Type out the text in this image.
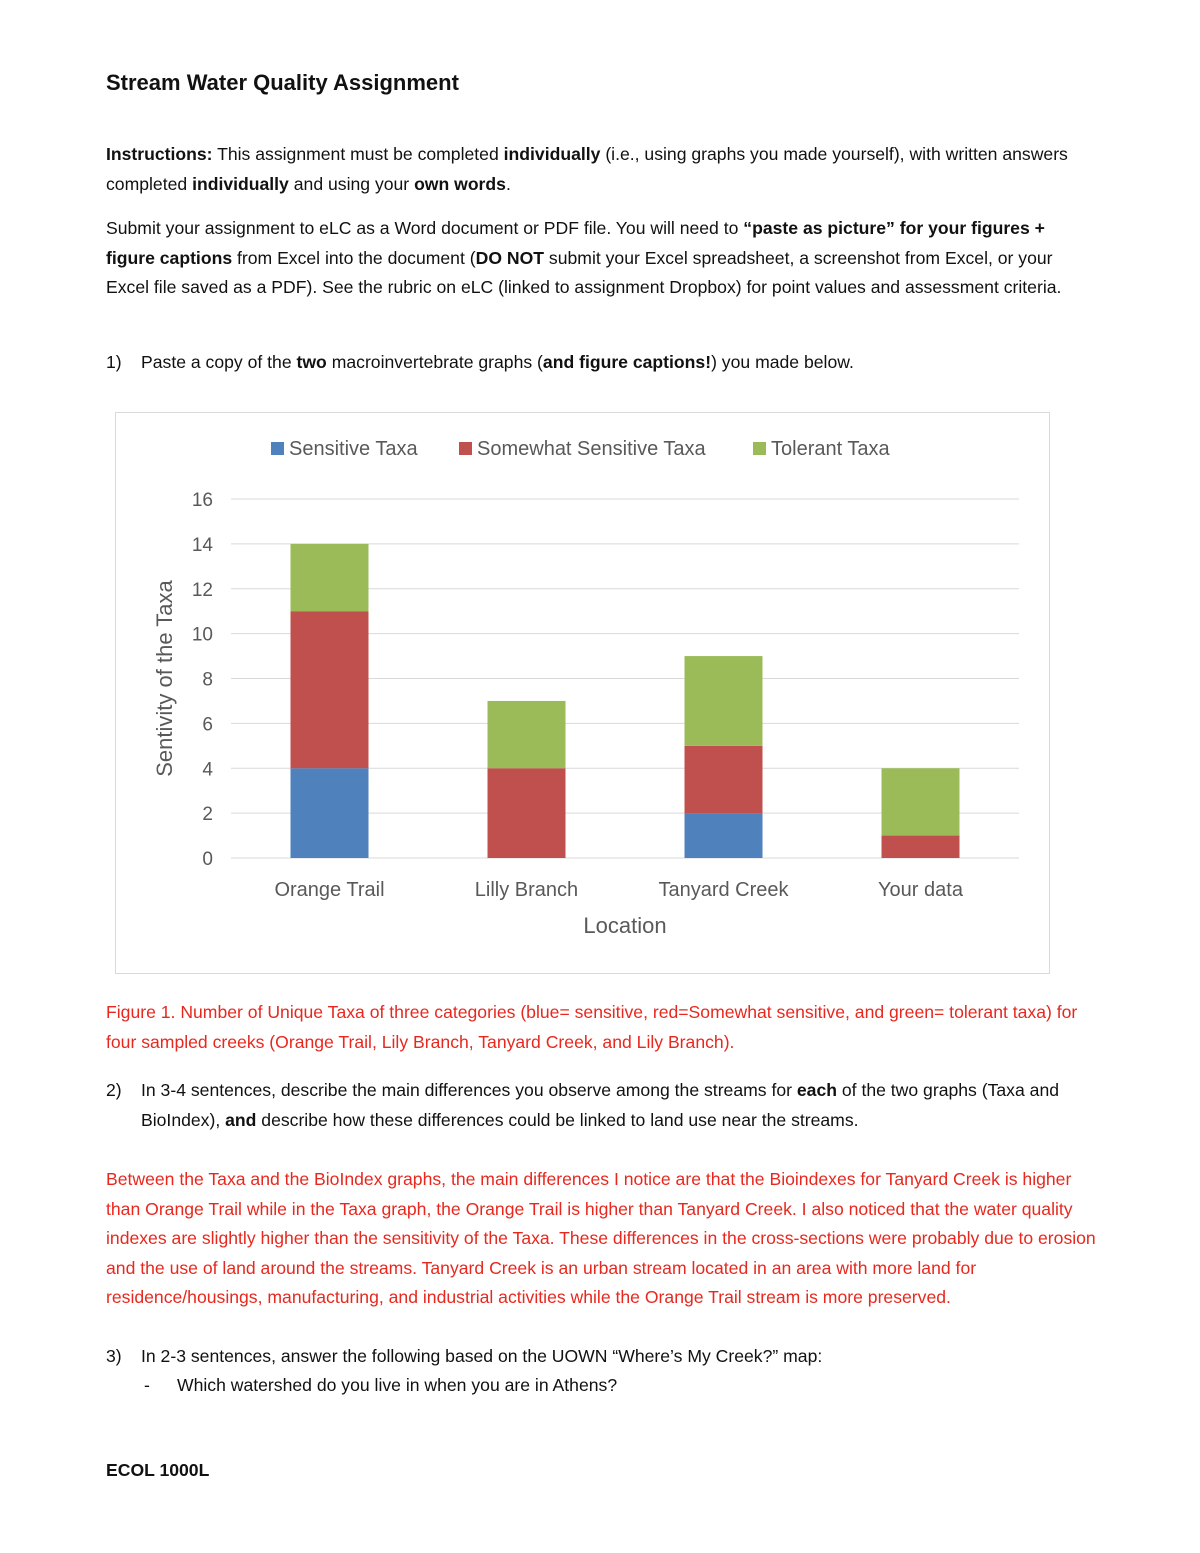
Stream Water Quality Assignment
Instructions: This assignment must be completed individually (i.e., using graphs you made yourself), with written answers completed individually and using your own words.
Submit your assignment to eLC as a Word document or PDF file. You will need to “paste as picture” for your figures + figure captions from Excel into the document (DO NOT submit your Excel spreadsheet, a screenshot from Excel, or your Excel file saved as a PDF). See the rubric on eLC (linked to assignment Dropbox) for point values and assessment criteria.
1) Paste a copy of the two macroinvertebrate graphs (and figure captions!) you made below.
0
2
4
6
8
10
12
14
16
Orange Trail	Lilly Branch	Tanyard Creek	Your data
Location
Sentivity of the Taxa
Sensitive Taxa	Somewhat Sensitive Taxa	Tolerant Taxa
Figure 1. Number of Unique Taxa of three categories (blue= sensitive, red=Somewhat sensitive, and green= tolerant taxa) for four sampled creeks (Orange Trail, Lily Branch, Tanyard Creek, and Lily Branch).
2) In 3-4 sentences, describe the main differences you observe among the streams for each of the two graphs (Taxa and BioIndex), and describe how these differences could be linked to land use near the streams.
Between the Taxa and the BioIndex graphs, the main differences I notice are that the Bioindexes for Tanyard Creek is higher than Orange Trail while in the Taxa graph, the Orange Trail is higher than Tanyard Creek. I also noticed that the water quality indexes are slightly higher than the sensitivity of the Taxa. These differences in the cross-sections were probably due to erosion and the use of land around the streams. Tanyard Creek is an urban stream located in an area with more land for residence/housings, manufacturing, and industrial activities while the Orange Trail stream is more preserved.
3) In 2-3 sentences, answer the following based on the UOWN “Where’s My Creek?” map:
- Which watershed do you live in when you are in Athens?
ECOL 1000L
